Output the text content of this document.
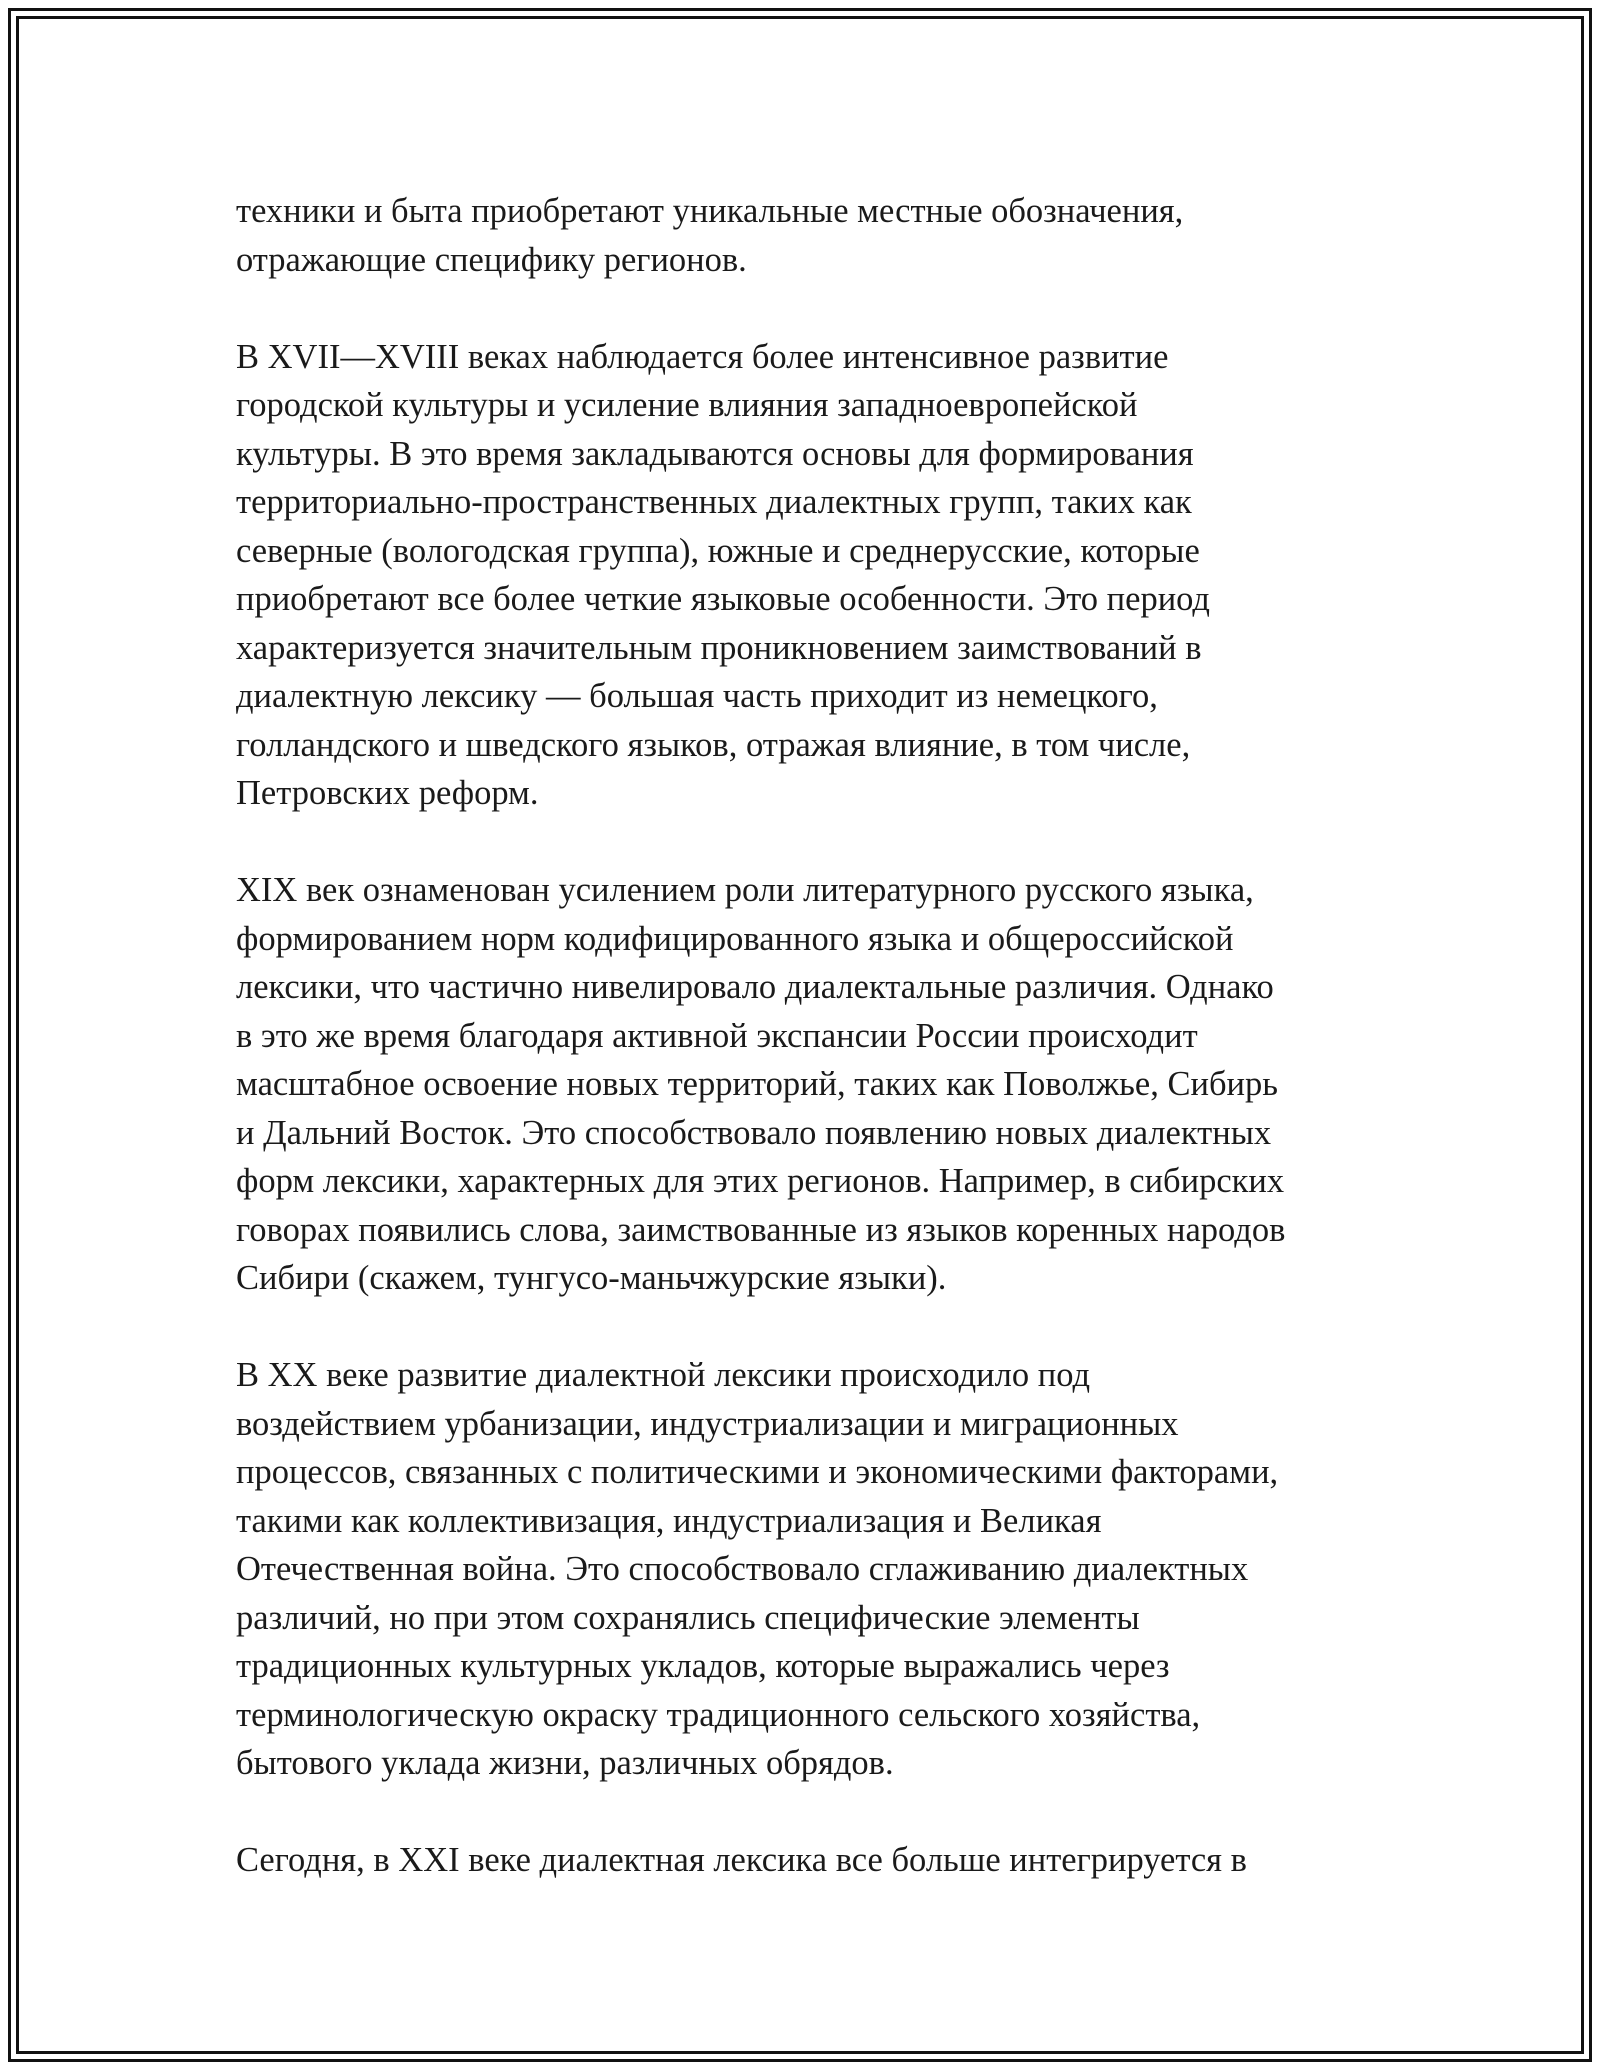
техники и быта приобретают уникальные местные обозначения,
отражающие специфику регионов.
В XVII—XVIII веках наблюдается более интенсивное развитие
городской культуры и усиление влияния западноевропейской
культуры. В это время закладываются основы для формирования
территориально-пространственных диалектных групп, таких как
северные (вологодская группа), южные и среднерусские, которые
приобретают все более четкие языковые особенности. Это период
характеризуется значительным проникновением заимствований в
диалектную лексику — большая часть приходит из немецкого,
голландского и шведского языков, отражая влияние, в том числе,
Петровских реформ.
XIX век ознаменован усилением роли литературного русского языка,
формированием норм кодифицированного языка и общероссийской
лексики, что частично нивелировало диалектальные различия. Однако
в это же время благодаря активной экспансии России происходит
масштабное освоение новых территорий, таких как Поволжье, Сибирь
и Дальний Восток. Это способствовало появлению новых диалектных
форм лексики, характерных для этих регионов. Например, в сибирских
говорах появились слова, заимствованные из языков коренных народов
Сибири (скажем, тунгусо-маньчжурские языки).
В XX веке развитие диалектной лексики происходило под
воздействием урбанизации, индустриализации и миграционных
процессов, связанных с политическими и экономическими факторами,
такими как коллективизация, индустриализация и Великая
Отечественная война. Это способствовало сглаживанию диалектных
различий, но при этом сохранялись специфические элементы
традиционных культурных укладов, которые выражались через
терминологическую окраску традиционного сельского хозяйства,
бытового уклада жизни, различных обрядов.
Сегодня, в XXI веке диалектная лексика все больше интегрируется в
